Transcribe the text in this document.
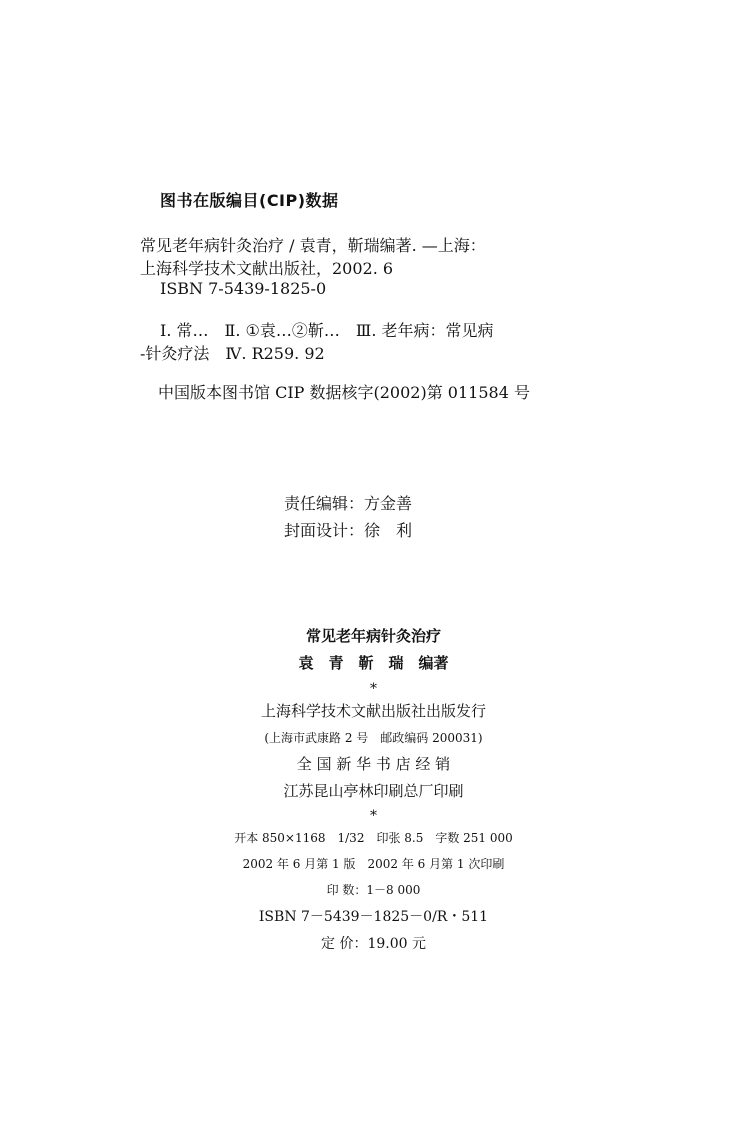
图书在版编目(CIP)数据
常见老年病针灸治疗 / 袁青，靳瑞编著. —上海：
上海科学技术文献出版社，2002. 6
ISBN 7-5439-1825-0
Ⅰ. 常…　Ⅱ. ①袁…②靳…　Ⅲ. 老年病：常见病
-针灸疗法　Ⅳ. R259. 92
中国版本图书馆 CIP 数据核字(2002)第 011584 号
责任编辑：方金善
封面设计：徐　利
常见老年病针灸治疗
袁　青　靳　瑞　编著
*
上海科学技术文献出版社出版发行
(上海市武康路 2 号　邮政编码 200031)
全 国 新 华 书 店 经 销
江苏昆山亭林印刷总厂印刷
*
开本 850×1168　1/32　印张 8.5　字数 251 000
2002 年 6 月第 1 版　2002 年 6 月第 1 次印刷
印 数：1－8 000
ISBN 7－5439－1825－0/R・511
定 价：19.00 元
